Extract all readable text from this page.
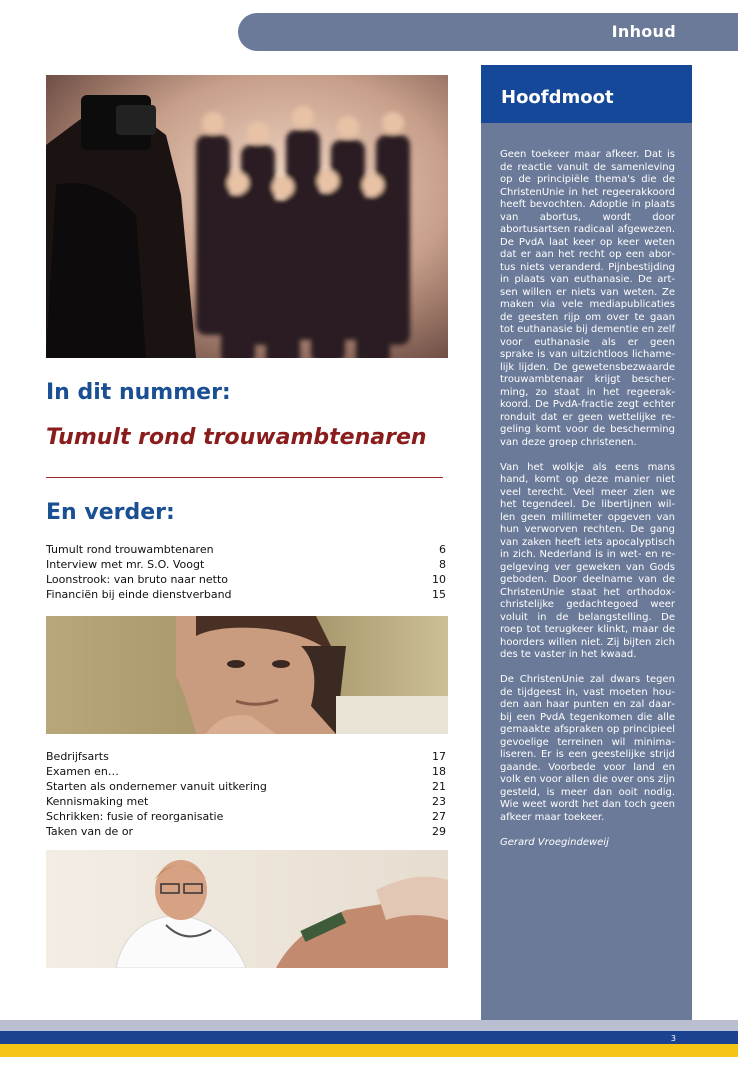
Inhoud
In dit nummer:
Tumult rond trouwambtenaren
En verder:
Tumult rond trouwambtenaren	6
Interview met mr. S.O. Voogt	8
Loonstrook: van bruto naar netto	10
Financiën bij einde dienstverband	15
Bedrijfsarts	17
Examen en…	18
Starten als ondernemer vanuit uitkering	21
Kennismaking met	23
Schrikken: fusie of reorganisatie	27
Taken van de or	29
Hoofdmoot

Geen toekeer maar afkeer. Dat is de reactie vanuit de samenleving op de principiële thema's die de ChristenUnie in het regeerakkoord heeft bevochten. Adoptie in plaats van abortus, wordt door abortusartsen radicaal afgewezen. De PvdA laat keer op keer weten dat er aan het recht op een abortus niets veranderd. Pijnbestijding in plaats van euthanasie. De artsen willen er niets van weten. Ze maken via vele mediapublicaties de geesten rijp om over te gaan tot euthanasie bij dementie en zelf voor euthanasie als er geen sprake is van uitzichtloos lichamelijk lijden. De gewetensbezwaarde trouwambtenaar krijgt bescherming, zo staat in het regeerakkoord. De PvdA-fractie zegt echter ronduit dat er geen wettelijke regeling komt voor de bescherming van deze groep christenen.

Van het wolkje als eens mans hand, komt op deze manier niet veel terecht. Veel meer zien we het tegendeel. De libertijnen willen geen millimeter opgeven van hun verworven rechten. De gang van zaken heeft iets apocalyptisch in zich. Nederland is in wet- en regelgeving ver geweken van Gods geboden. Door deelname van de ChristenUnie staat het orthodox-christelijke gedachtegoed weer voluit in de belangstelling. De roep tot terugkeer klinkt, maar de hoorders willen niet. Zij bijten zich des te vaster in het kwaad.

De ChristenUnie zal dwars tegen de tijdgeest in, vast moeten houden aan haar punten en zal daarbij een PvdA tegenkomen die alle gemaakte afspraken op principieel gevoelige terreinen wil minimaliseren. Er is een geestelijke strijd gaande. Voorbede voor land en volk en voor allen die over ons zijn gesteld, is meer dan ooit nodig. Wie weet wordt het dan toch geen afkeer maar toekeer.

Gerard Vroegindeweij

3
